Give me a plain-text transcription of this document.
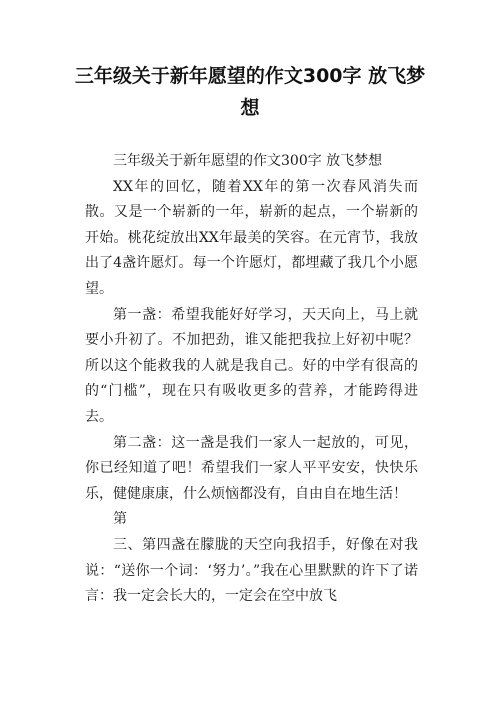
三年级关于新年愿望的作文300字 放飞梦想

三年级关于新年愿望的作文300字 放飞梦想

XX年的回忆，随着XX年的第一次春风消失而散。又是一个崭新的一年，崭新的起点，一个崭新的开始。桃花绽放出XX年最美的笑容。在元宵节，我放出了4盏许愿灯。每一个许愿灯，都埋藏了我几个小愿望。

第一盏：希望我能好好学习，天天向上，马上就要小升初了。不加把劲，谁又能把我拉上好初中呢？所以这个能救我的人就是我自己。好的中学有很高的的“门槛”，现在只有吸收更多的营养，才能跨得进去。

第二盏：这一盏是我们一家人一起放的，可见，你已经知道了吧！希望我们一家人平平安安，快快乐乐，健健康康，什么烦恼都没有，自由自在地生活！

第

三、第四盏在朦胧的天空向我招手，好像在对我说：“送你一个词：‘努力’。”我在心里默默的许下了诺言：我一定会长大的，一定会在空中放飞
